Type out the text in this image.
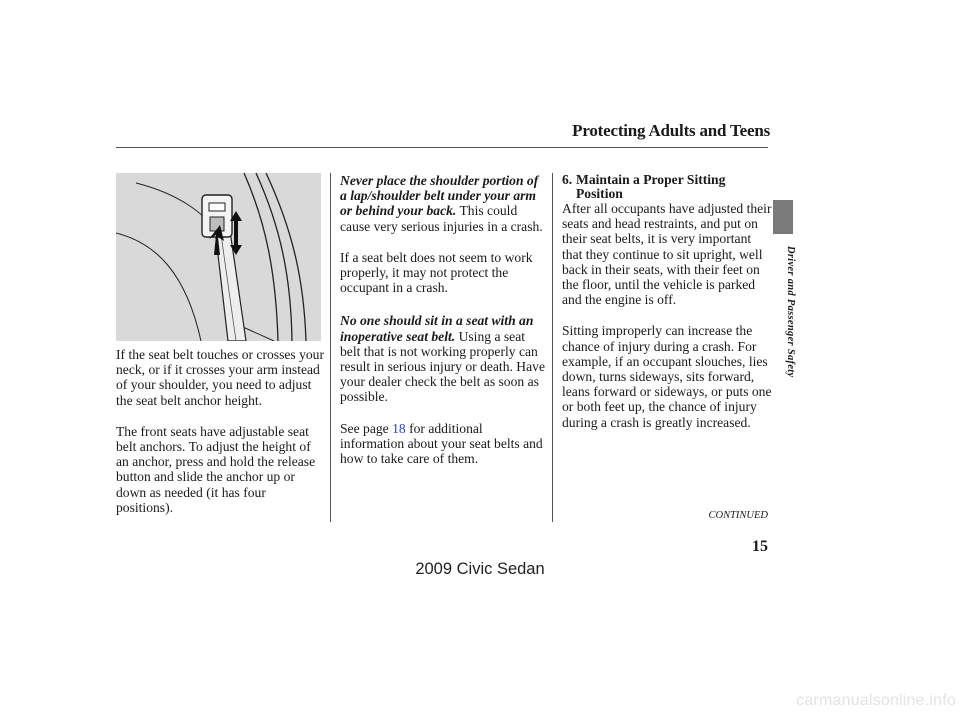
Protecting Adults and Teens

If the seat belt touches or crosses your neck, or if it crosses your arm instead of your shoulder, you need to adjust the seat belt anchor height.

The front seats have adjustable seat belt anchors. To adjust the height of an anchor, press and hold the release button and slide the anchor up or down as needed (it has four positions).

Never place the shoulder portion of a lap/shoulder belt under your arm or behind your back. This could cause very serious injuries in a crash.

If a seat belt does not seem to work properly, it may not protect the occupant in a crash.

No one should sit in a seat with an inoperative seat belt. Using a seat belt that is not working properly can result in serious injury or death. Have your dealer check the belt as soon as possible.

See page 18 for additional information about your seat belts and how to take care of them.

6. Maintain a Proper Sitting
Position

After all occupants have adjusted their seats and head restraints, and put on their seat belts, it is very important that they continue to sit upright, well back in their seats, with their feet on the floor, until the vehicle is parked and the engine is off.

Sitting improperly can increase the chance of injury during a crash. For example, if an occupant slouches, lies down, turns sideways, sits forward, leans forward or sideways, or puts one or both feet up, the chance of injury during a crash is greatly increased.

Driver and Passenger Safety
CONTINUED
15
2009 Civic Sedan
carmanualsonline.info
